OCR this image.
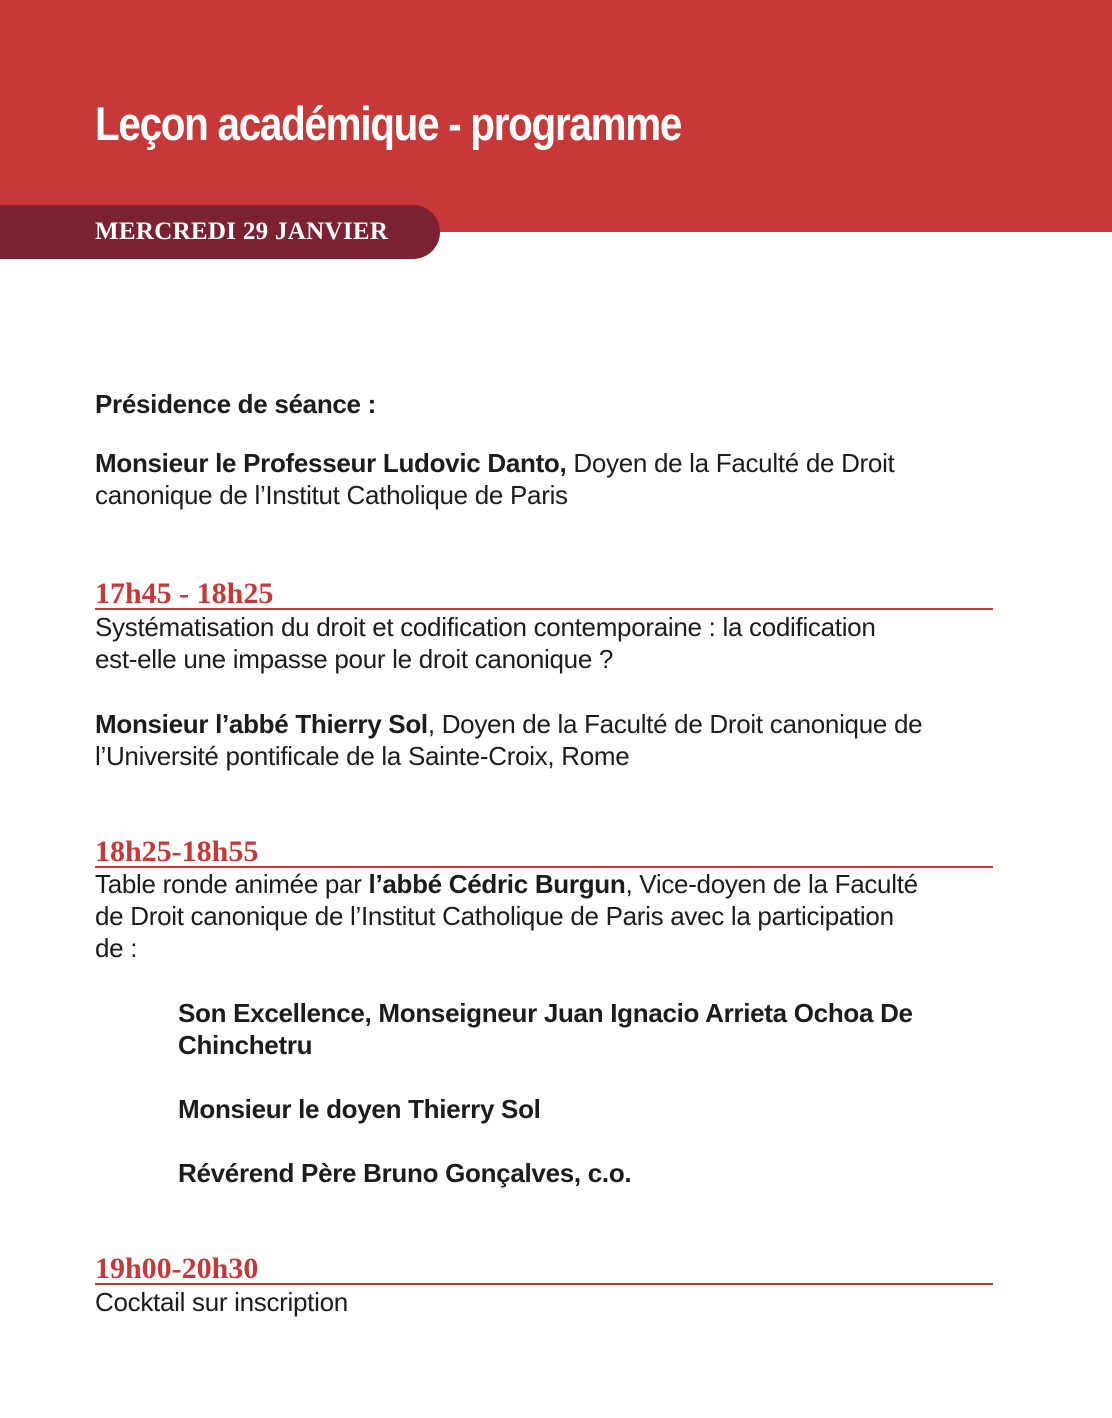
Leçon académique - programme
MERCREDI 29 JANVIER

Présidence de séance :

Monsieur le Professeur Ludovic Danto, Doyen de la Faculté de Droit

canonique de l’Institut Catholique de Paris

17h45 - 18h25

Systématisation du droit et codification contemporaine : la codification

est-elle une impasse pour le droit canonique ?

Monsieur l’abbé Thierry Sol, Doyen de la Faculté de Droit canonique de

l’Université pontificale de la Sainte-Croix, Rome

18h25-18h55

Table ronde animée par l’abbé Cédric Burgun, Vice-doyen de la Faculté

de Droit canonique de l’Institut Catholique de Paris avec la participation

de :

Son Excellence, Monseigneur Juan Ignacio Arrieta Ochoa De

Chinchetru

Monsieur le doyen Thierry Sol

Révérend Père Bruno Gonçalves, c.o.

19h00-20h30

Cocktail sur inscription
